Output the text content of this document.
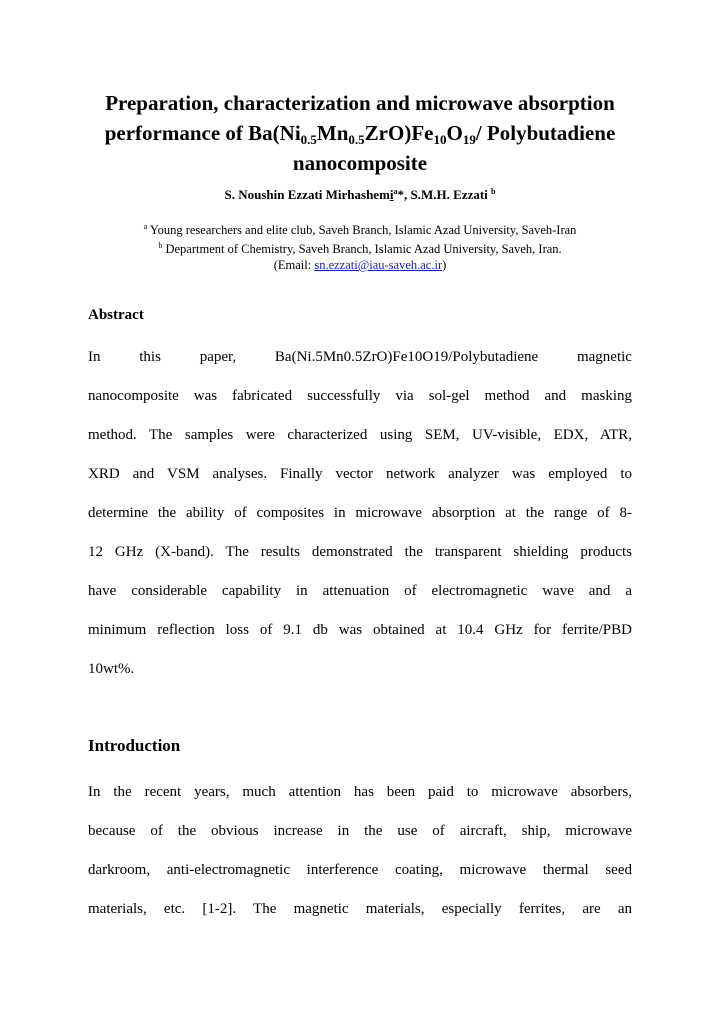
Preparation, characterization and microwave absorption
performance of $Ba(Ni_{0.5}Mn_{0.5}ZrO)Fe_{10}O_{19}/$ Polybutadiene
nanocomposite
S. Noushin Ezzati Mirhashemi$^a$*, S.M.H. Ezzati $^b$
$^a$ Young researchers and elite club, Saveh Branch, Islamic Azad University, Saveh-Iran
$^b$ Department of Chemistry, Saveh Branch, Islamic Azad University, Saveh, Iran.
(Email: sn.ezzati@iau-saveh.ac.ir)
Abstract
In	this	paper,	Ba(Ni.5Mn0.5ZrO)Fe10O19/Polybutadiene	magnetic
nanocomposite was fabricated successfully via sol-gel method and masking
method. The samples were characterized using SEM, UV-visible, EDX, ATR,
XRD and VSM analyses. Finally vector network analyzer was employed to
determine the ability of composites in microwave absorption at the range of 8-
12 GHz (X-band). The results demonstrated the transparent shielding products
have considerable capability in attenuation of electromagnetic wave and a
minimum reflection loss of 9.1 db was obtained at 10.4 GHz for ferrite/PBD
10wt%.
Introduction
In the recent years, much attention has been paid to microwave absorbers,
because of the obvious increase in the use of aircraft, ship, microwave
darkroom, anti-electromagnetic interference coating, microwave thermal seed
materials, etc. [1-2]. The magnetic materials, especially ferrites, are an
